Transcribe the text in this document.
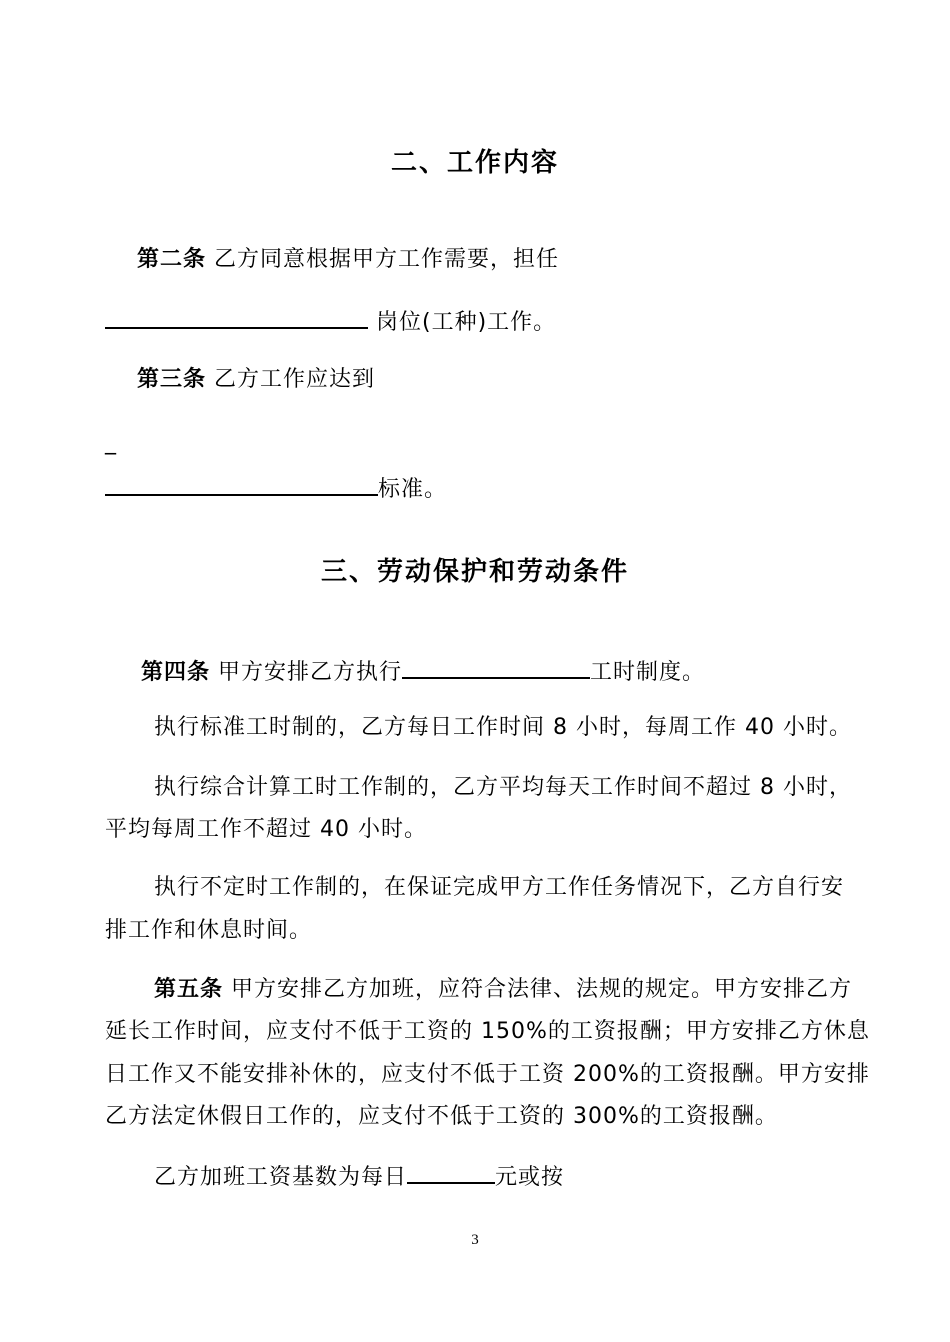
二、工作内容
第二条 乙方同意根据甲方工作需要，担任
岗位(工种)工作。
第三条 乙方工作应达到
_
标准。
三、劳动保护和劳动条件
第四条 甲方安排乙方执行	工时制度。
执行标准工时制的，乙方每日工作时间 8 小时，每周工作 40 小时。
执行综合计算工时工作制的，乙方平均每天工作时间不超过 8 小时，
平均每周工作不超过 40 小时。
执行不定时工作制的，在保证完成甲方工作任务情况下，乙方自行安
排工作和休息时间。
第五条 甲方安排乙方加班，应符合法律、法规的规定。甲方安排乙方
延长工作时间，应支付不低于工资的 150%的工资报酬；甲方安排乙方休息
日工作又不能安排补休的，应支付不低于工资 200%的工资报酬。甲方安排
乙方法定休假日工作的，应支付不低于工资的 300%的工资报酬。
乙方加班工资基数为每日	元或按
3
